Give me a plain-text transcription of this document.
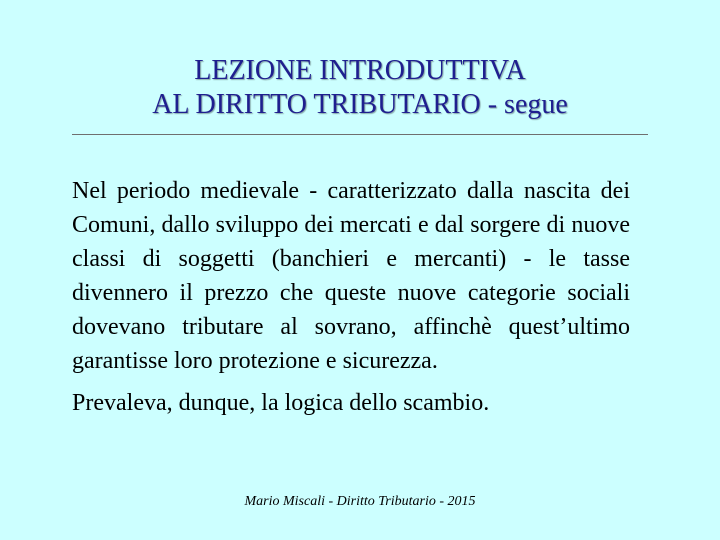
LEZIONE INTRODUTTIVA
AL DIRITTO TRIBUTARIO - segue

Nel periodo medievale - caratterizzato dalla nascita dei Comuni, dallo sviluppo dei mercati e dal sorgere di nuove classi di soggetti (banchieri e mercanti) - le tasse divennero il prezzo che queste nuove categorie sociali dovevano tributare al sovrano, affinchè quest’ultimo garantisse loro protezione e sicurezza.

Prevaleva, dunque, la logica dello scambio.

Mario Miscali - Diritto Tributario - 2015
